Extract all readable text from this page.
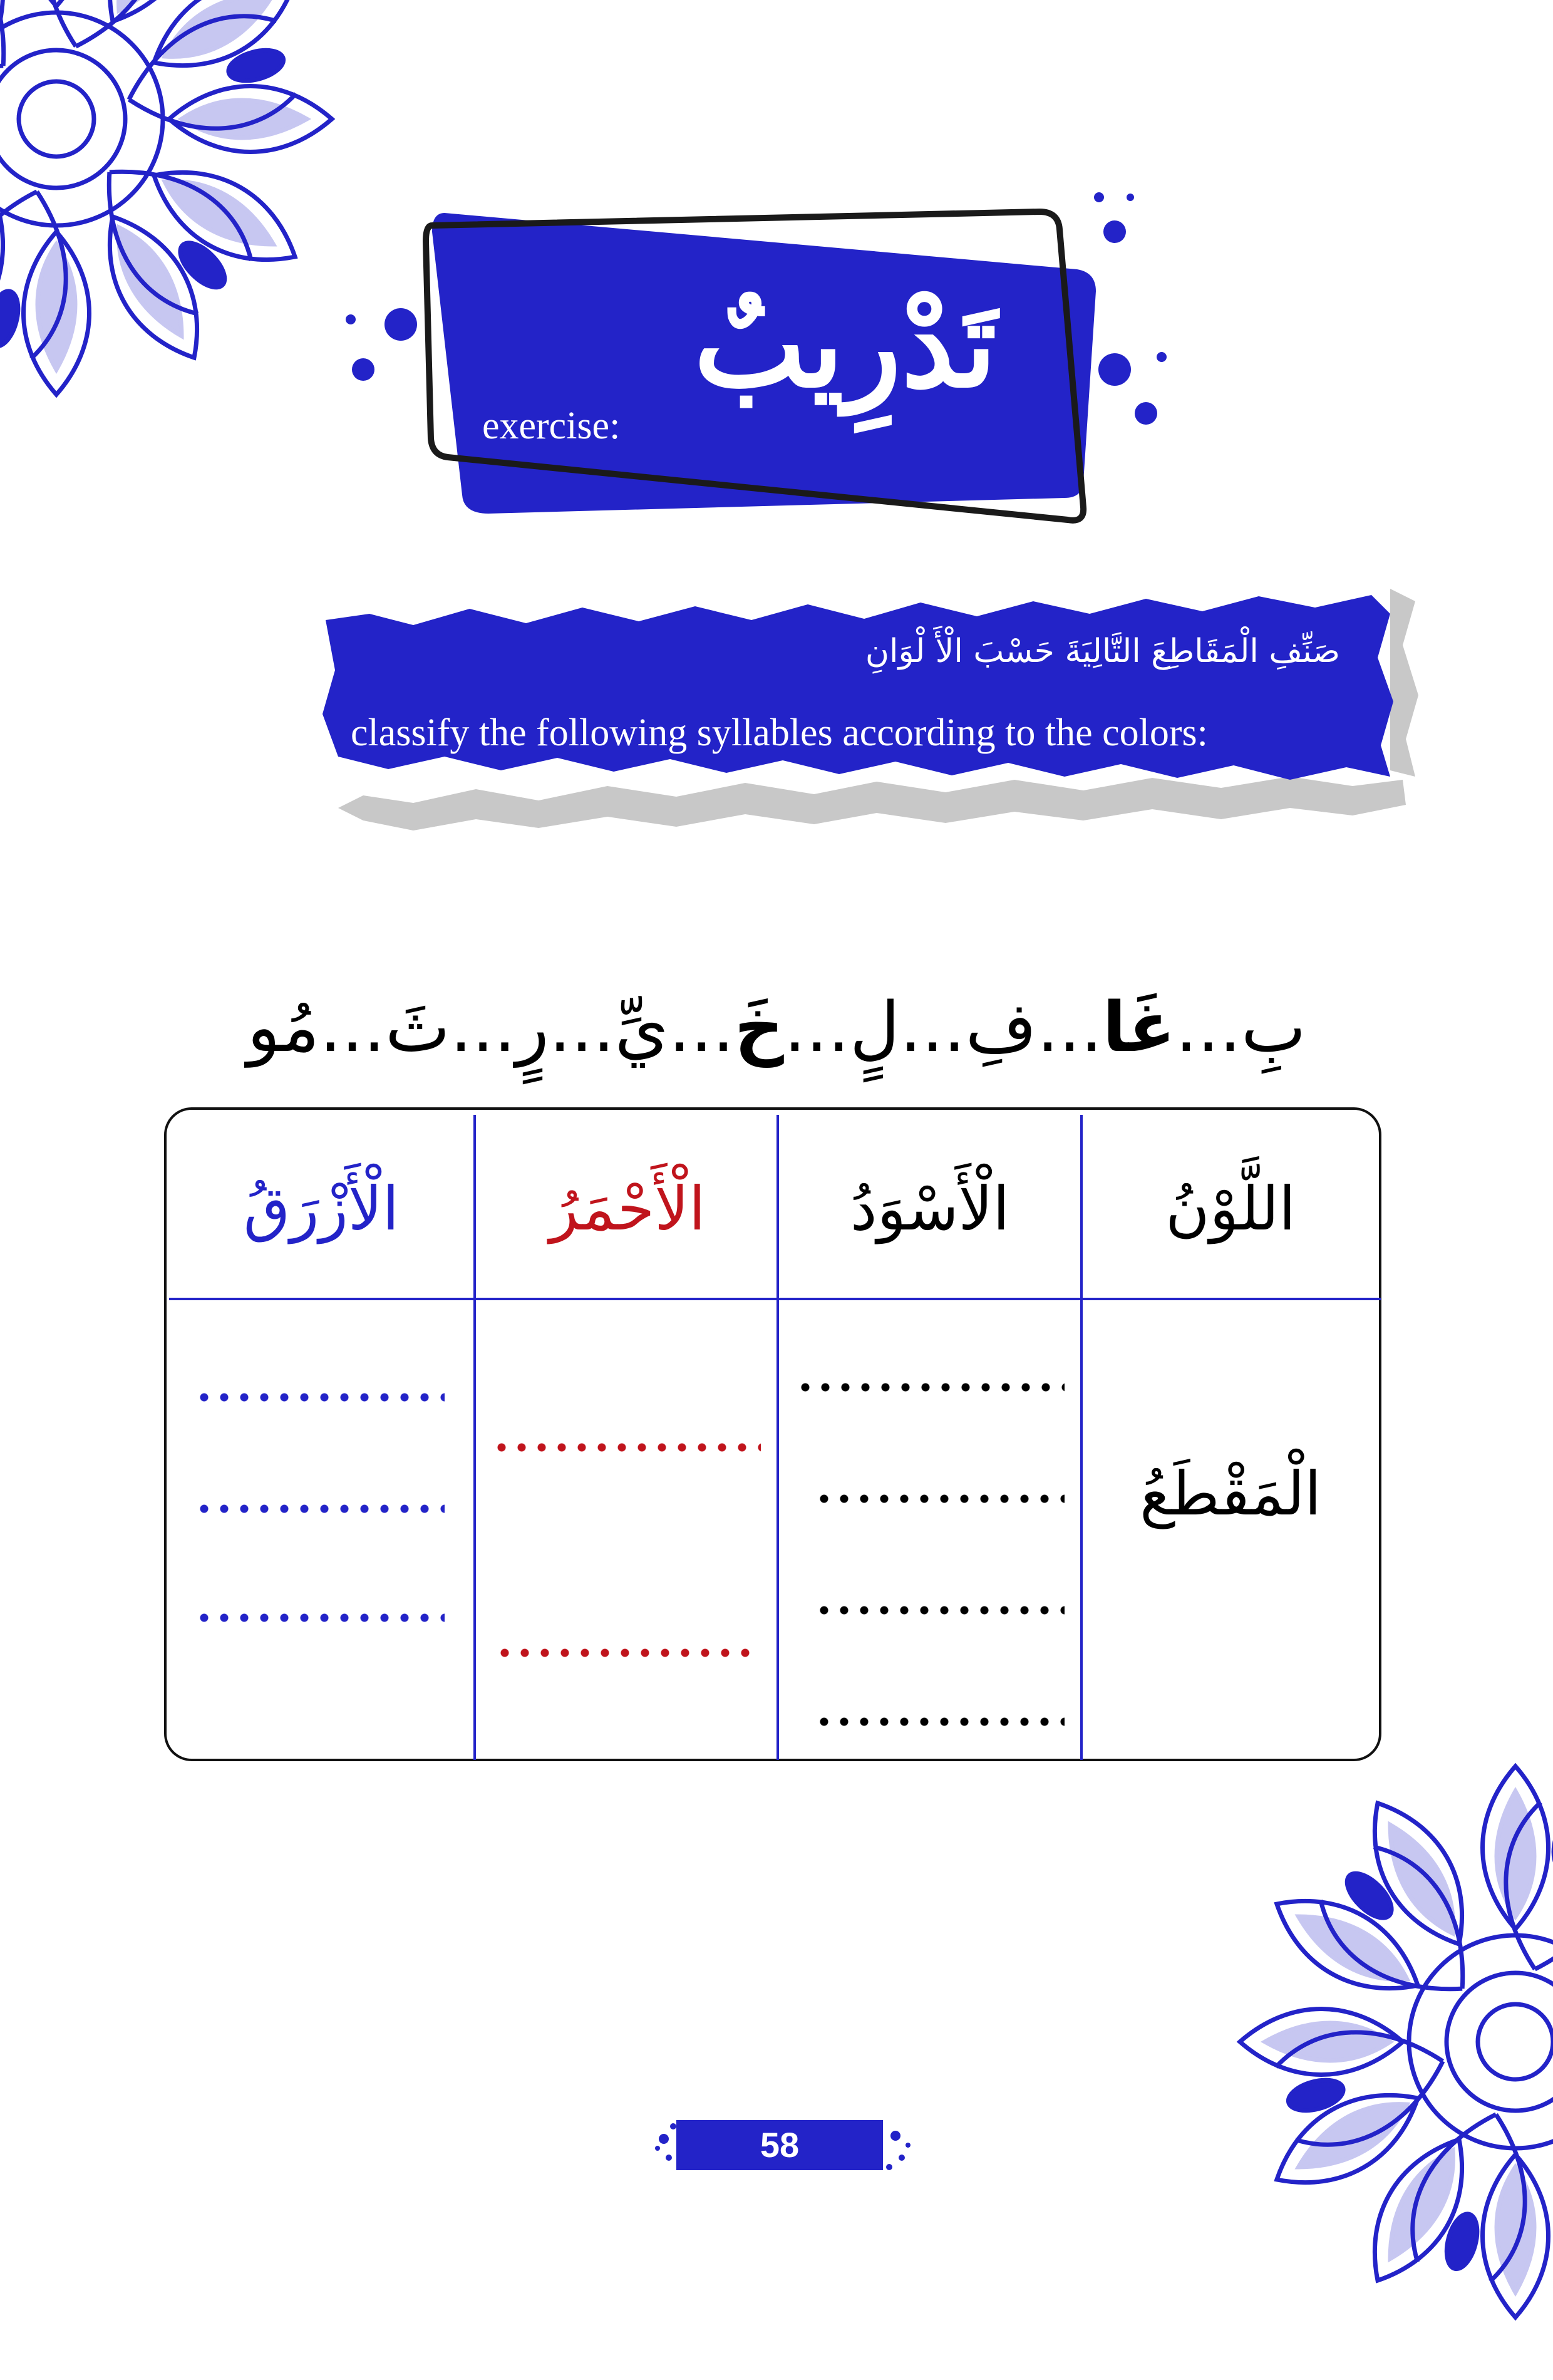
تَدْرِيبٌ
exercise:
صَنِّفِ الْمَقَاطِعَ التَّالِيَةَ حَسْبَ الْأَ لْوَانِ
classify the following syllables according to the colors:
بِ...غَا...فِ...لٍ...خَ...يِّ...رٍ...ثَ...مُو
اللَّوْنُ
الْأَسْوَدُ
الْأَحْمَرُ
الْأَزْرَقُ
الْمَقْطَعُ
58
